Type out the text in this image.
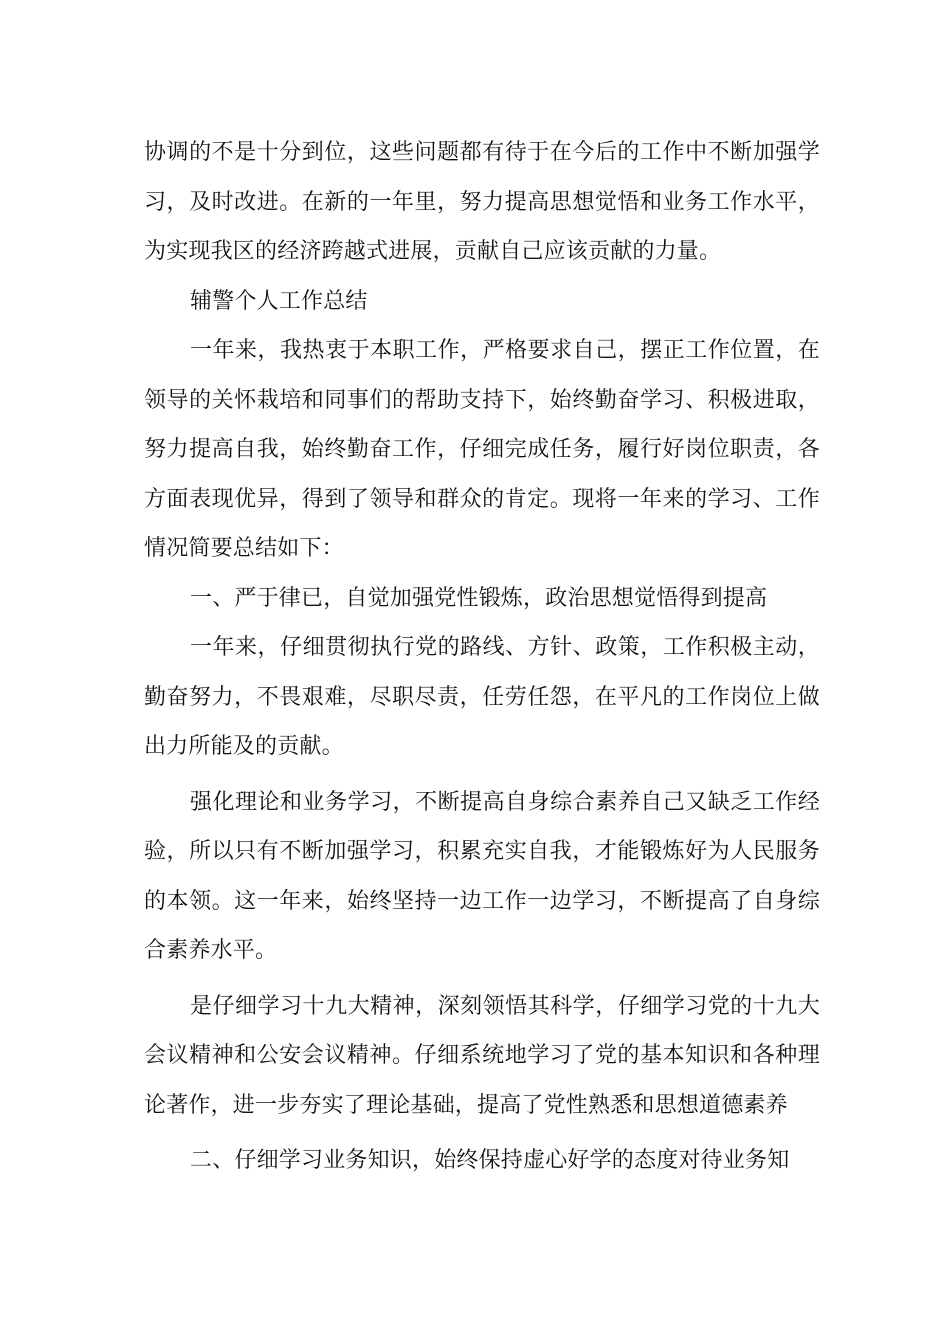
协调的不是十分到位，这些问题都有待于在今后的工作中不断加强学习，及时改进。在新的一年里，努力提高思想觉悟和业务工作水平，为实现我区的经济跨越式进展，贡献自己应该贡献的力量。

辅警个人工作总结

一年来，我热衷于本职工作，严格要求自己，摆正工作位置，在领导的关怀栽培和同事们的帮助支持下，始终勤奋学习、积极进取，努力提高自我，始终勤奋工作，仔细完成任务，履行好岗位职责，各方面表现优异，得到了领导和群众的肯定。现将一年来的学习、工作情况简要总结如下：

一、严于律已，自觉加强党性锻炼，政治思想觉悟得到提高

一年来，仔细贯彻执行党的路线、方针、政策，工作积极主动，勤奋努力，不畏艰难，尽职尽责，任劳任怨，在平凡的工作岗位上做出力所能及的贡献。

强化理论和业务学习，不断提高自身综合素养自己又缺乏工作经验，所以只有不断加强学习，积累充实自我，才能锻炼好为人民服务的本领。这一年来，始终坚持一边工作一边学习，不断提高了自身综合素养水平。

是仔细学习十九大精神，深刻领悟其科学，仔细学习党的十九大会议精神和公安会议精神。仔细系统地学习了党的基本知识和各种理论著作，进一步夯实了理论基础，提高了党性熟悉和思想道德素养

二、仔细学习业务知识，始终保持虚心好学的态度对待业务知
